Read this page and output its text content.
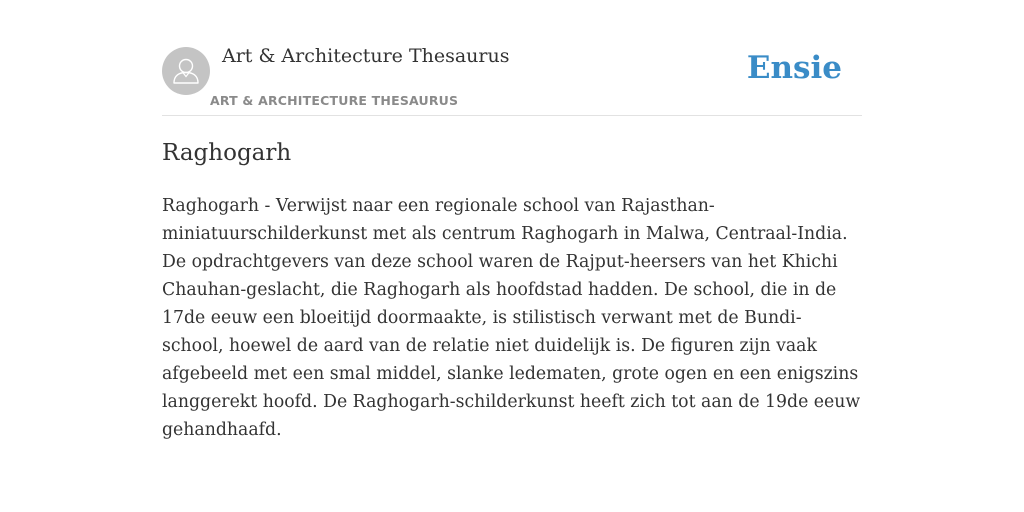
Art & Architecture Thesaurus
ART & ARCHITECTURE THESAURUS
Ensie
Raghogarh

Raghogarh - Verwijst naar een regionale school van Rajasthan-miniatuurschilderkunst met als centrum Raghogarh in Malwa, Centraal-India. De opdrachtgevers van deze school waren de Rajput-heersers van het Khichi Chauhan-geslacht, die Raghogarh als hoofdstad hadden. De school, die in de 17de eeuw een bloeitijd doormaakte, is stilistisch verwant met de Bundi-school, hoewel de aard van de relatie niet duidelijk is. De figuren zijn vaak afgebeeld met een smal middel, slanke ledematen, grote ogen en een enigszins langgerekt hoofd. De Raghogarh-schilderkunst heeft zich tot aan de 19de eeuw gehandhaafd.
